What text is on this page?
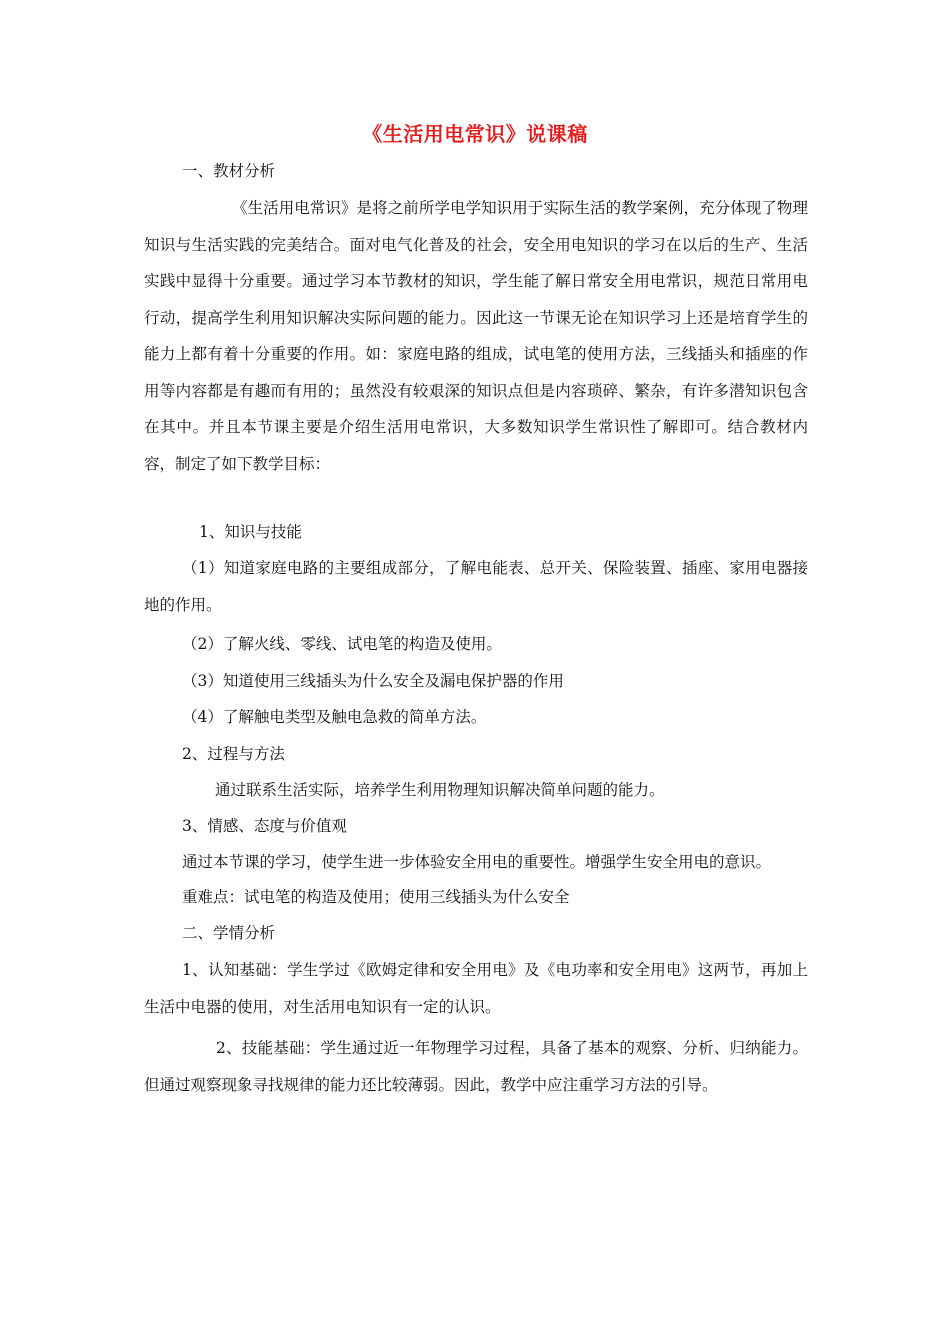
《生活用电常识》说课稿
一、教材分析
《生活用电常识》是将之前所学电学知识用于实际生活的教学案例，充分体现了物理知识与生活实践的完美结合。面对电气化普及的社会，安全用电知识的学习在以后的生产、生活实践中显得十分重要。通过学习本节教材的知识，学生能了解日常安全用电常识，规范日常用电行动，提高学生利用知识解决实际问题的能力。因此这一节课无论在知识学习上还是培育学生的能力上都有着十分重要的作用。如：家庭电路的组成，试电笔的使用方法，三线插头和插座的作用等内容都是有趣而有用的；虽然没有较艰深的知识点但是内容琐碎、繁杂，有许多潜知识包含在其中。并且本节课主要是介绍生活用电常识，大多数知识学生常识性了解即可。结合教材内容，制定了如下教学目标：
1、知识与技能
（1）知道家庭电路的主要组成部分，了解电能表、总开关、保险装置、插座、家用电器接地的作用。
（2）了解火线、零线、试电笔的构造及使用。
（3）知道使用三线插头为什么安全及漏电保护器的作用
（4）了解触电类型及触电急救的简单方法。
2、过程与方法
通过联系生活实际，培养学生利用物理知识解决简单问题的能力。
3、情感、态度与价值观
通过本节课的学习，使学生进一步体验安全用电的重要性。增强学生安全用电的意识。
重难点：试电笔的构造及使用；使用三线插头为什么安全
二、学情分析
1、认知基础：学生学过《欧姆定律和安全用电》及《电功率和安全用电》这两节，再加上生活中电器的使用，对生活用电知识有一定的认识。
2、技能基础：学生通过近一年物理学习过程，具备了基本的观察、分析、归纳能力。但通过观察现象寻找规律的能力还比较薄弱。因此，教学中应注重学习方法的引导。
